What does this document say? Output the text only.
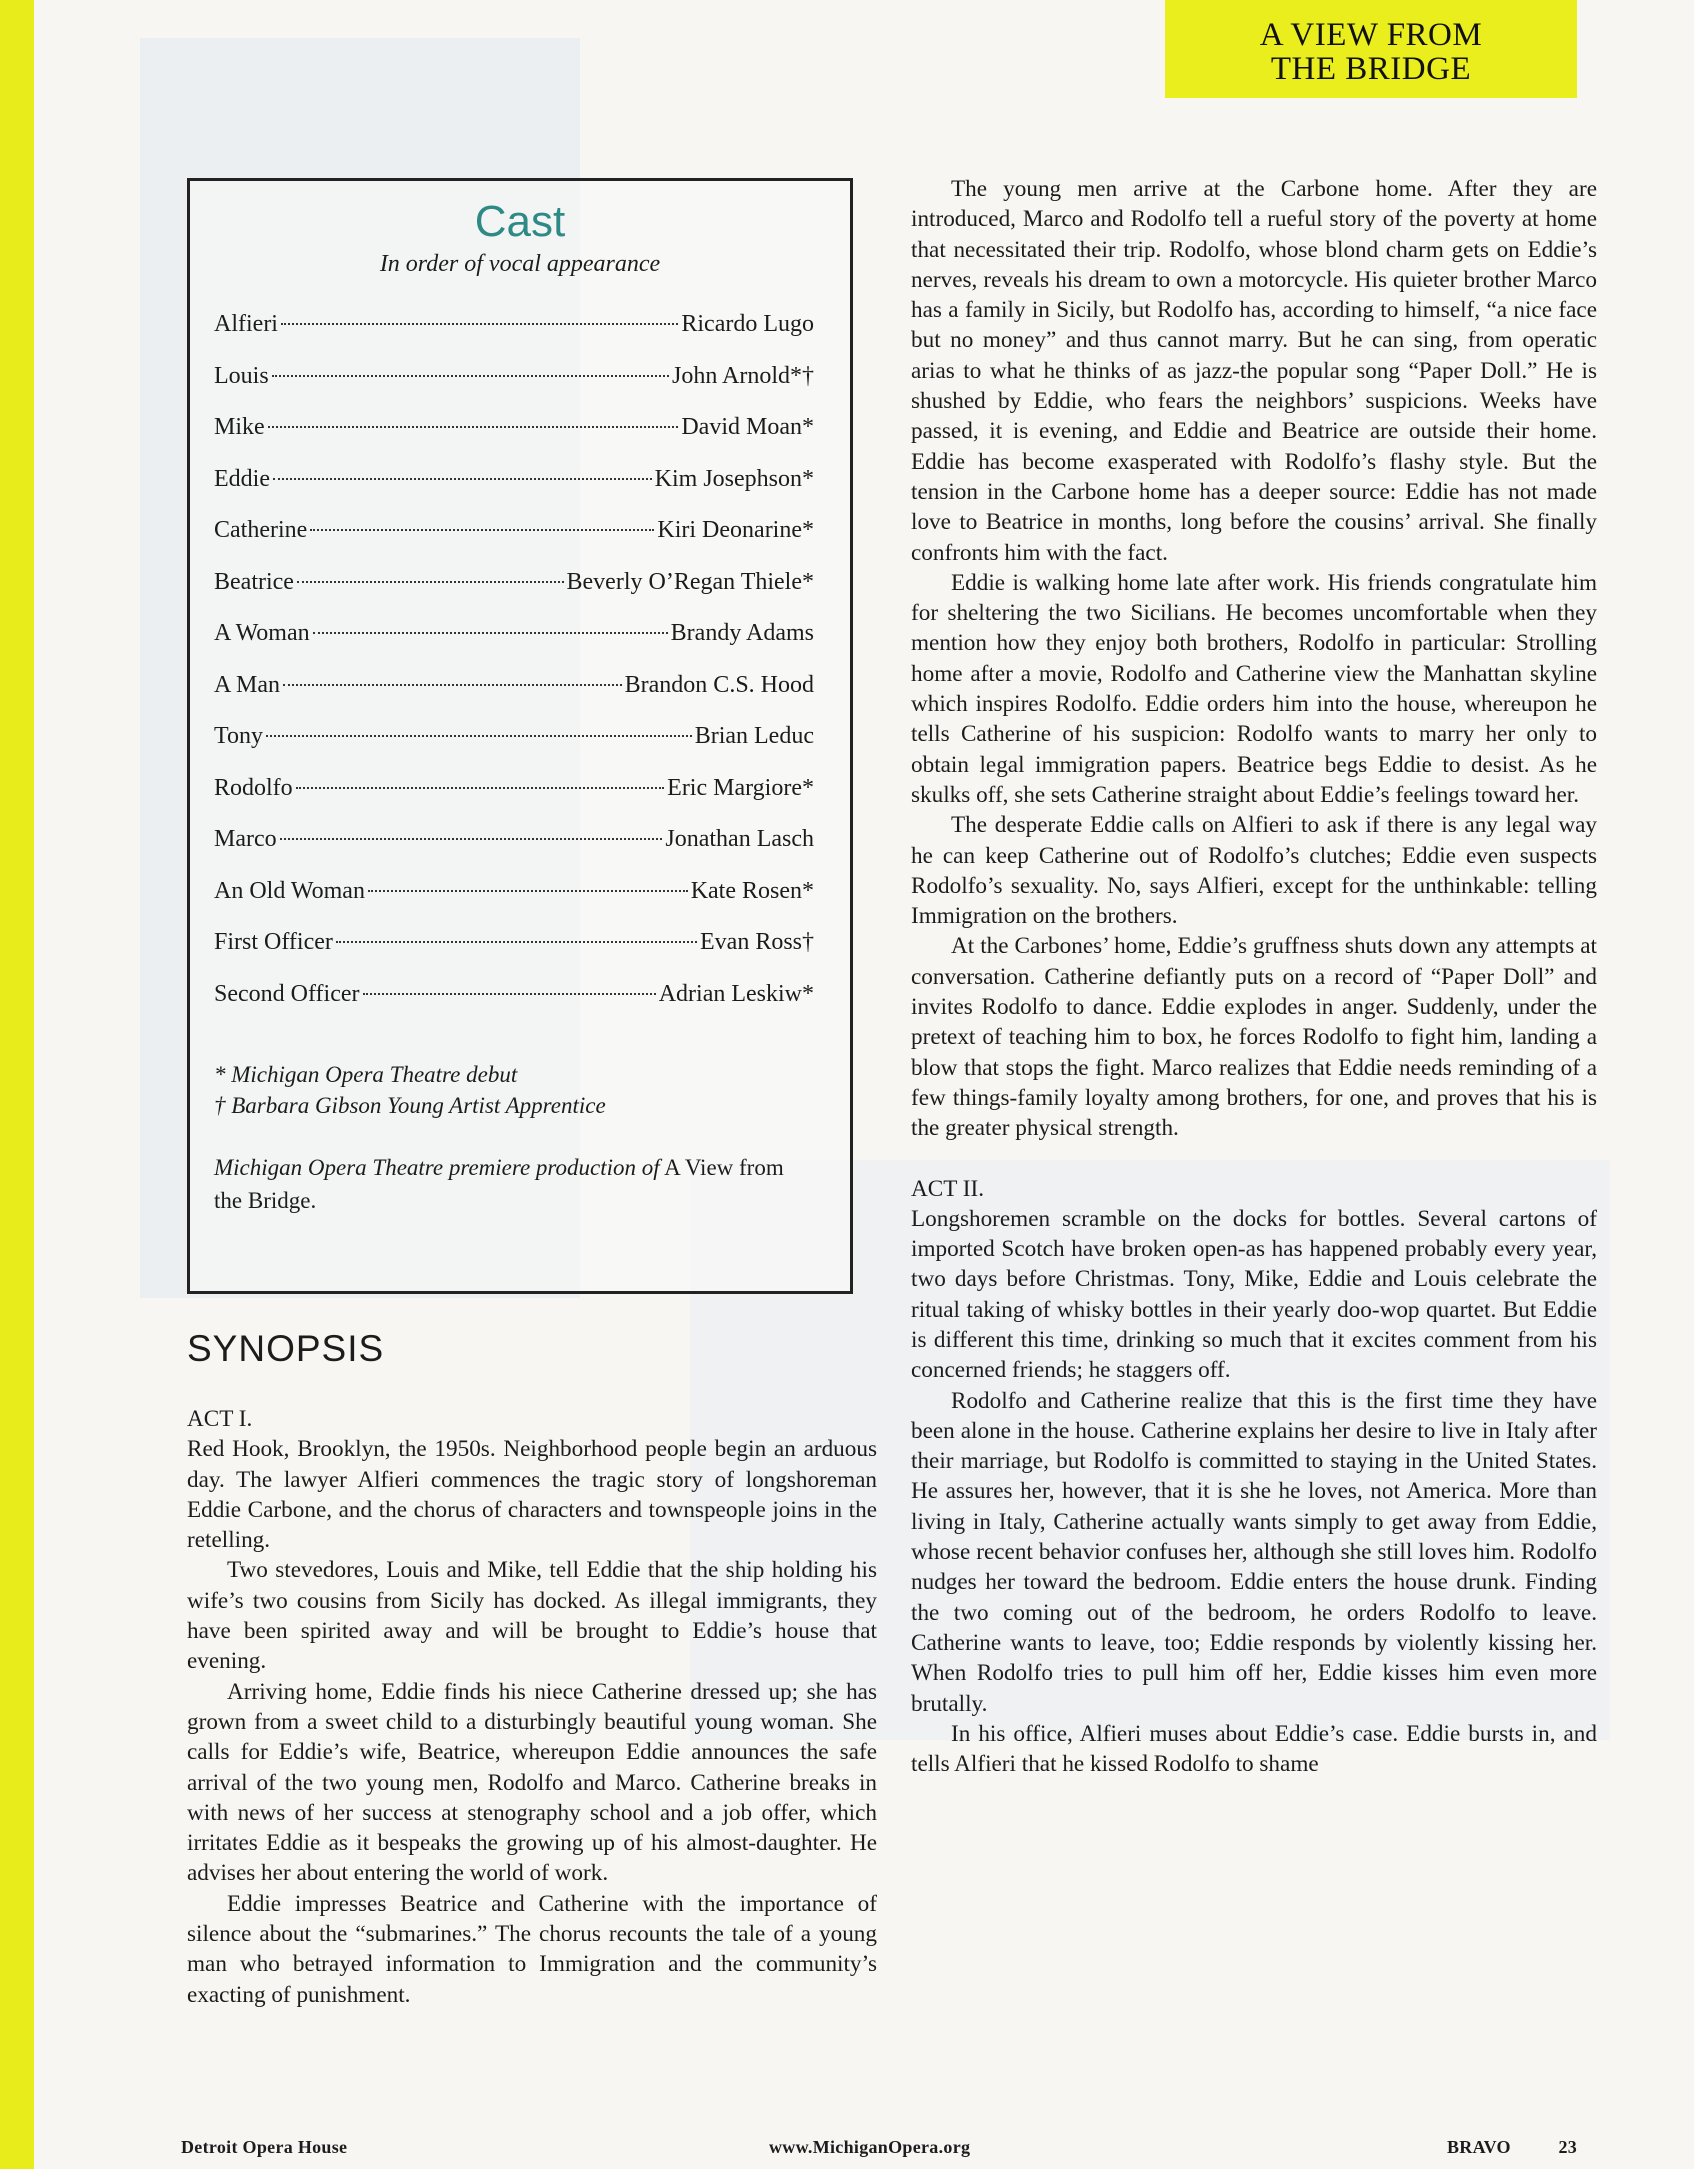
A VIEW FROM
THE BRIDGE
Cast
In order of vocal appearance
Alfieri	Ricardo Lugo
Louis	John Arnold*†
Mike	David Moan*
Eddie	Kim Josephson*
Catherine	Kiri Deonarine*
Beatrice	Beverly O’Regan Thiele*
A Woman	Brandy Adams
A Man	Brandon C.S. Hood
Tony	Brian Leduc
Rodolfo	Eric Margiore*
Marco	Jonathan Lasch
An Old Woman	Kate Rosen*
First Officer	Evan Ross†
Second Officer	Adrian Leskiw*
* Michigan Opera Theatre debut
† Barbara Gibson Young Artist Apprentice
Michigan Opera Theatre premiere production of A View from the Bridge.
SYNOPSIS

ACT I.

Red Hook, Brooklyn, the 1950s. Neighborhood people begin an arduous day. The lawyer Alfieri commences the tragic story of longshoreman Eddie Carbone, and the chorus of characters and townspeople joins in the retelling.

Two stevedores, Louis and Mike, tell Eddie that the ship holding his wife’s two cousins from Sicily has docked. As illegal immigrants, they have been spirited away and will be brought to Eddie’s house that evening.

Arriving home, Eddie finds his niece Catherine dressed up; she has grown from a sweet child to a disturbingly beautiful young woman. She calls for Eddie’s wife, Beatrice, whereupon Eddie announces the safe arrival of the two young men, Rodolfo and Marco. Catherine breaks in with news of her success at stenography school and a job offer, which irritates Eddie as it bespeaks the growing up of his almost-daughter. He advises her about entering the world of work.

Eddie impresses Beatrice and Catherine with the importance of silence about the “submarines.” The chorus recounts the tale of a young man who betrayed information to Immigration and the community’s exacting of punishment.

The young men arrive at the Carbone home. After they are introduced, Marco and Rodolfo tell a rueful story of the poverty at home that necessitated their trip. Rodolfo, whose blond charm gets on Eddie’s nerves, reveals his dream to own a motorcycle. His quieter brother Marco has a family in Sicily, but Rodolfo has, according to himself, “a nice face but no money” and thus cannot marry. But he can sing, from operatic arias to what he thinks of as jazz-the popular song “Paper Doll.” He is shushed by Eddie, who fears the neighbors’ suspicions. Weeks have passed, it is evening, and Eddie and Beatrice are outside their home. Eddie has become exasperated with Rodolfo’s flashy style. But the tension in the Carbone home has a deeper source: Eddie has not made love to Beatrice in months, long before the cousins’ arrival. She finally confronts him with the fact.

Eddie is walking home late after work. His friends congratulate him for sheltering the two Sicilians. He becomes uncomfortable when they mention how they enjoy both brothers, Rodolfo in particular: Strolling home after a movie, Rodolfo and Catherine view the Manhattan skyline which inspires Rodolfo. Eddie orders him into the house, whereupon he tells Catherine of his suspicion: Rodolfo wants to marry her only to obtain legal immigration papers. Beatrice begs Eddie to desist. As he skulks off, she sets Catherine straight about Eddie’s feelings toward her.

The desperate Eddie calls on Alfieri to ask if there is any legal way he can keep Catherine out of Rodolfo’s clutches; Eddie even suspects Rodolfo’s sexuality. No, says Alfieri, except for the unthinkable: telling Immigration on the brothers.

At the Carbones’ home, Eddie’s gruffness shuts down any attempts at conversation. Catherine defiantly puts on a record of “Paper Doll” and invites Rodolfo to dance. Eddie explodes in anger. Suddenly, under the pretext of teaching him to box, he forces Rodolfo to fight him, landing a blow that stops the fight. Marco realizes that Eddie needs reminding of a few things-family loyalty among brothers, for one, and proves that his is the greater physical strength.

ACT II.

Longshoremen scramble on the docks for bottles. Several cartons of imported Scotch have broken open-as has happened probably every year, two days before Christmas. Tony, Mike, Eddie and Louis celebrate the ritual taking of whisky bottles in their yearly doo-wop quartet. But Eddie is different this time, drinking so much that it excites comment from his concerned friends; he staggers off.

Rodolfo and Catherine realize that this is the first time they have been alone in the house. Catherine explains her desire to live in Italy after their marriage, but Rodolfo is committed to staying in the United States. He assures her, however, that it is she he loves, not America. More than living in Italy, Catherine actually wants simply to get away from Eddie, whose recent behavior confuses her, although she still loves him. Rodolfo nudges her toward the bedroom. Eddie enters the house drunk. Finding the two coming out of the bedroom, he orders Rodolfo to leave. Catherine wants to leave, too; Eddie responds by violently kissing her. When Rodolfo tries to pull him off her, Eddie kisses him even more brutally.

In his office, Alfieri muses about Eddie’s case. Eddie bursts in, and tells Alfieri that he kissed Rodolfo to shame

Detroit Opera House	www.MichiganOpera.org	BRAVO	23
